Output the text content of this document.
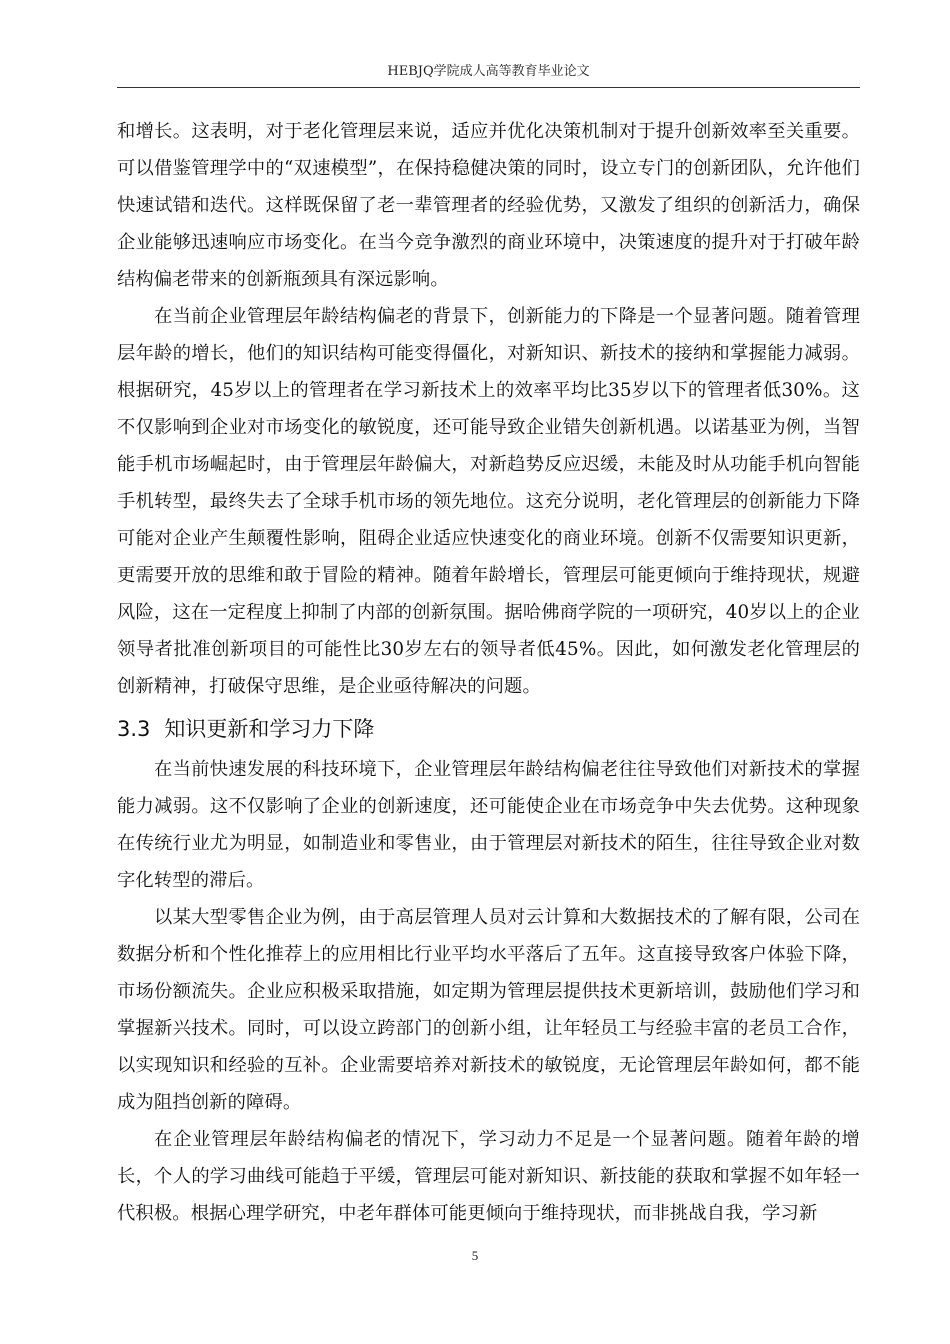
HEBJQ学院成人高等教育毕业论文

和增长。这表明，对于老化管理层来说，适应并优化决策机制对于提升创新效率至关重要。可以借鉴管理学中的“双速模型”，在保持稳健决策的同时，设立专门的创新团队，允许他们快速试错和迭代。这样既保留了老一辈管理者的经验优势，又激发了组织的创新活力，确保企业能够迅速响应市场变化。在当今竞争激烈的商业环境中，决策速度的提升对于打破年龄结构偏老带来的创新瓶颈具有深远影响。

在当前企业管理层年龄结构偏老的背景下，创新能力的下降是一个显著问题。随着管理层年龄的增长，他们的知识结构可能变得僵化，对新知识、新技术的接纳和掌握能力减弱。根据研究，45岁以上的管理者在学习新技术上的效率平均比35岁以下的管理者低30%。这不仅影响到企业对市场变化的敏锐度，还可能导致企业错失创新机遇。以诺基亚为例，当智能手机市场崛起时，由于管理层年龄偏大，对新趋势反应迟缓，未能及时从功能手机向智能手机转型，最终失去了全球手机市场的领先地位。这充分说明，老化管理层的创新能力下降可能对企业产生颠覆性影响，阻碍企业适应快速变化的商业环境。创新不仅需要知识更新，更需要开放的思维和敢于冒险的精神。随着年龄增长，管理层可能更倾向于维持现状，规避风险，这在一定程度上抑制了内部的创新氛围。据哈佛商学院的一项研究，40岁以上的企业领导者批准创新项目的可能性比30岁左右的领导者低45%。因此，如何激发老化管理层的创新精神，打破保守思维，是企业亟待解决的问题。

3.3 知识更新和学习力下降

在当前快速发展的科技环境下，企业管理层年龄结构偏老往往导致他们对新技术的掌握能力减弱。这不仅影响了企业的创新速度，还可能使企业在市场竞争中失去优势。这种现象在传统行业尤为明显，如制造业和零售业，由于管理层对新技术的陌生，往往导致企业对数字化转型的滞后。

以某大型零售企业为例，由于高层管理人员对云计算和大数据技术的了解有限，公司在数据分析和个性化推荐上的应用相比行业平均水平落后了五年。这直接导致客户体验下降，市场份额流失。企业应积极采取措施，如定期为管理层提供技术更新培训，鼓励他们学习和掌握新兴技术。同时，可以设立跨部门的创新小组，让年轻员工与经验丰富的老员工合作，以实现知识和经验的互补。企业需要培养对新技术的敏锐度，无论管理层年龄如何，都不能成为阻挡创新的障碍。

在企业管理层年龄结构偏老的情况下，学习动力不足是一个显著问题。随着年龄的增长，个人的学习曲线可能趋于平缓，管理层可能对新知识、新技能的获取和掌握不如年轻一代积极。根据心理学研究，中老年群体可能更倾向于维持现状，而非挑战自我，学习新

5
